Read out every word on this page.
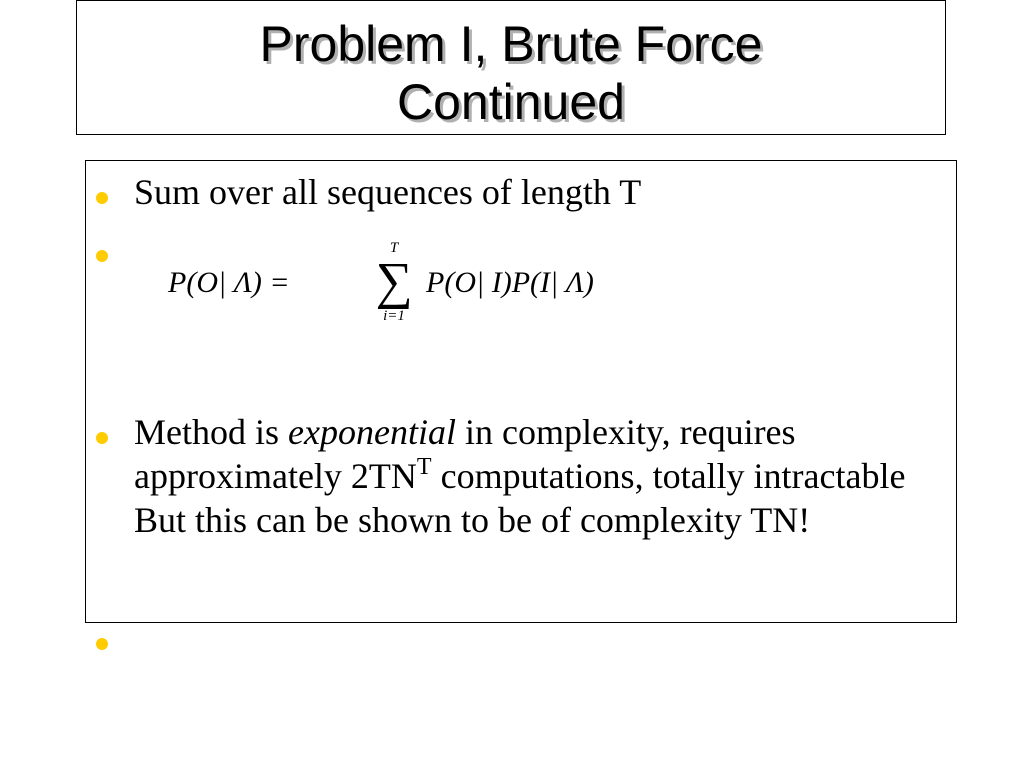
Problem I, Brute Force
Continued
Sum over all sequences of length T
P(O| Λ) =
T
∑
i=1
P(O| I)P(I| Λ)
Method is exponential in complexity, requires approximately $2TN^T$ computations, totally intractable But this can be shown to be of complexity TN!
